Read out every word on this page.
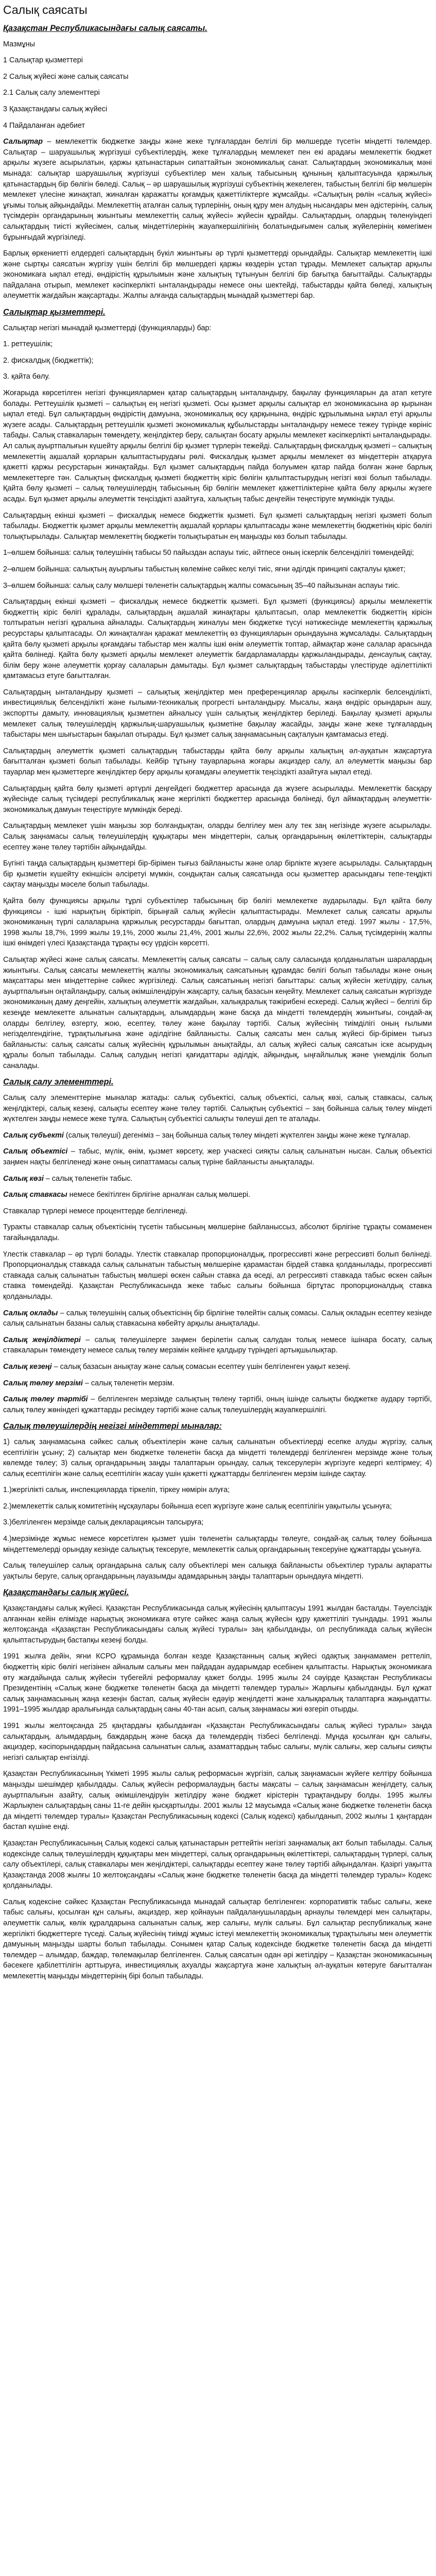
Салық саясаты
Қазақстан Республикасындағы салық саясаты.

Мазмұны

1 Салықтар қызметтері

2 Салық жүйесі және салық саясаты

2.1 Салық салу элементтері

3 Қазақстандағы салық жүйесі

4 Пайдаланған әдебиет

Салықтар – мемлекеттік бюджетке заңды және жеке тұлғалардан белгілі бір мөлшерде түсетін міндетті төлемдер. Салықтар – шаруашылық жүргізуші субъектілердің, жеке тұлғалардың мемлекет пен екі арадағы мемлекеттік бюджет арқылы жүзеге асырылатын, қаржы қатынастарын сипаттайтын экономикалық санат. Салықтардың экономикалық мәні мынада: салықтар шаруашылық жүргізуші субъектілер мен халық табысының құнының қалыптасуында қаржылық қатынастардың бір бөлігін бөледі. Салық – әр шаруашылық жүргізуші субъектінің жекелеген, табыстың белгілі бір мөлшерін мемлекет үлесіне жинақтап, жиналған қаражатты қоғамдық қажеттіліктерге жұмсайды. «Салықтың рөлін «салық жүйесі» ұғымы толық айқындайды. Мемлекеттің аталған салық түрлерінің, оның құру мен алудың нысандары мен әдістерінің, салық түсімдерін органдарының жиынтығы мемлекеттің салық жүйесі» жүйесін құрайды. Салықтардың, олардың төленуіндегі салықтардың тиісті жүйесімен, салық міндеттілерінің жауапкершілігінің болатындығымен салық жүйелерінің көмегімен бұрынғыдай жүргізіледі.

Барлық өркениетті елдердегі салықтардың бүкіл жиынтығы әр түрлі қызметтерді орындайды. Салықтар мемлекеттің ішкі және сыртқы саясатын жүргізу үшін белгілі бір мөлшердегі қаржы көздерін ұстап тұрады. Мемлекет салықтар арқылы экономикаға ықпал етеді, өндірістің құрылымын және халықтың тұтынуын белгілі бір бағытқа бағыттайды. Салықтарды пайдалана отырып, мемлекет кәсіпкерлікті ынталандырады немесе оны шектейді, табыстарды қайта бөледі, халықтың әлеуметтік жағдайын жақсартады. Жалпы алғанда салықтардың мынадай қызметтері бар.

Салықтар қызметтері.

Салықтар негізгі мынадай қызметтерді (функцияларды) бар:

1. реттеушілік;

2. фискалдық (бюджеттік);

3. қайта бөлу.

Жоғарыда көрсетілген негізгі функциялармен қатар салықтардың ынталандыру, бақылау функцияларын да атап кетуге болады. Реттеушілік қызметі – салықтың ең негізгі қызметі. Осы қызмет арқылы салықтар ел экономикасына әр қырынан ықпал етеді. Бұл салықтардың өндірістің дамуына, экономикалық өсу қарқынына, өндіріс құрылымына ықпал етуі арқылы жүзеге асады. Салықтардың реттеушілік қызметі экономикалық құбылыстарды ынталандыру немесе тежеу түрінде көрініс табады. Салық ставкаларын төмендету, жеңілдіктер беру, салықтан босату арқылы мемлекет кәсіпкерлікті ынталандырады. Ал салық ауыртпалығын күшейту арқылы белгілі бір қызмет түрлерін тежейді. Салықтардың фискалдық қызметі – салықтың мемлекеттің ақшалай қорларын қалыптастырудағы рөлі. Фискалдық қызмет арқылы мемлекет өз міндеттерін атқаруға қажетті қаржы ресурстарын жинақтайды. Бұл қызмет салықтардың пайда болуымен қатар пайда болған және барлық мемлекеттерге тән. Салықтың фискалдық қызметі бюджеттің кіріс бөлігін қалыптастырудың негізгі көзі болып табылады. Қайта бөлу қызметі – салық төлеушілердің табысының бір бөлігін мемлекет қажеттіліктеріне қайта бөлу арқылы жүзеге асады. Бұл қызмет арқылы әлеуметтік теңсіздікті азайтуға, халықтың табыс деңгейін теңестіруге мүмкіндік туады.

Салықтардың екінші қызметі – фискалдық немесе бюджеттік қызметі. Бұл қызметі салықтардың негізгі қызметі болып табылады. Бюджеттік қызмет арқылы мемлекеттің ақшалай қорлары қалыптасады және мемлекеттің бюджетінің кіріс бөлігі толықтырылады. Салықтар мемлекеттің бюджетін толықтыратын ең маңызды көз болып табылады.

1–өлшем бойынша: салық төлеушінің табысы 50 пайыздан аспауы тиіс, әйтпесе оның іскерлік белсенділігі төмендейді;

2–өлшем бойынша: салықтың ауырлығы табыстың көлеміне сәйкес келуі тиіс, яғни әділдік принципі сақталуы қажет;

3–өлшем бойынша: салық салу мөлшері төленетін салықтардың жалпы сомасының 35–40 пайызынан аспауы тиіс.

Салықтардың екінші қызметі – фискалдық немесе бюджеттік қызметі. Бұл қызметі (функциясы) арқылы мемлекеттік бюджеттің кіріс бөлігі құралады, салықтардың ақшалай жинақтары қалыптасып, олар мемлекеттік бюджеттің кірісін толтыратын негізгі құралына айналады. Салықтардың жиналуы мен бюджетке түсуі нәтижесінде мемлекеттің қаржылық ресурстары қалыптасады. Ол жинақталған қаражат мемлекеттің өз функцияларын орындауына жұмсалады. Салықтардың қайта бөлу қызметі арқылы қоғамдағы табыстар мен жалпы ішкі өнім әлеуметтік топтар, аймақтар және салалар арасында қайта бөлінеді. Қайта бөлу қызметі арқылы мемлекет әлеуметтік бағдарламаларды қаржыландырады, денсаулық сақтау, білім беру және әлеуметтік қорғау салаларын дамытады. Бұл қызмет салықтардың табыстарды үлестіруде әділеттілікті қамтамасыз етуге бағытталған.

Салықтардың ынталандыру қызметі – салықтық жеңілдіктер мен преференциялар арқылы кәсіпкерлік белсенділікті, инвестициялық белсенділікті және ғылыми-техникалық прогресті ынталандыру. Мысалы, жаңа өндіріс орындарын ашу, экспортты дамыту, инновациялық қызметпен айналысу үшін салықтық жеңілдіктер беріледі. Бақылау қызметі арқылы мемлекет салық төлеушілердің қаржылық-шаруашылық қызметіне бақылау жасайды, заңды және жеке тұлғалардың табыстары мен шығыстарын бақылап отырады. Бұл қызмет салық заңнамасының сақталуын қамтамасыз етеді.

Салықтардың әлеуметтік қызметі салықтардың табыстарды қайта бөлу арқылы халықтың әл-ауқатын жақсартуға бағытталған қызметі болып табылады. Кейбір тұтыну тауарларына жоғары акциздер салу, ал әлеуметтік маңызы бар тауарлар мен қызметтерге жеңілдіктер беру арқылы қоғамдағы әлеуметтік теңсіздікті азайтуға ықпал етеді.

Салықтардың қайта бөлу қызметі әртүрлі деңгейдегі бюджеттер арасында да жүзеге асырылады. Мемлекеттік басқару жүйесінде салық түсімдері республикалық және жергілікті бюджеттер арасында бөлінеді, бұл аймақтардың әлеуметтік-экономикалық дамуын теңестіруге мүмкіндік береді.

Салықтардың мемлекет үшін маңызы зор болғандықтан, оларды белгілеу мен алу тек заң негізінде жүзеге асырылады. Салық заңнамасы салық төлеушілердің құқықтары мен міндеттерін, салық органдарының өкілеттіктерін, салықтарды есептеу және төлеу тәртібін айқындайды.

Бүгінгі таңда салықтардың қызметтері бір-бірімен тығыз байланысты және олар бірлікте жүзеге асырылады. Салықтардың бір қызметін күшейту екіншісін әлсіретуі мүмкін, сондықтан салық саясатында осы қызметтер арасындағы тепе-теңдікті сақтау маңызды мәселе болып табылады.

Қайта бөлу функциясы арқылы тұрлі субъектілер табысының бір бөлігі мемлекетке аударылады. Бұл қайта бөлу функциясы - ішкі нарықтың біріктіріп, бірыңғай салық жүйесін қалыптастырады. Мемлекет салық саясаты арқылы экономиканың түрлі салаларына қаржылық ресурстарды бағыттап, олардың дамуына ықпал етеді. 1997 жылы - 17,5%, 1998 жылы 18,7%, 1999 жылы 19,1%, 2000 жылы 21,4%, 2001 жылы 22,6%, 2002 жылы 22,2%. Салық түсімдерінің жалпы ішкі өнімдегі үлесі Қазақстанда тұрақты өсу үрдісін көрсетті.

Салықтар жүйесі және салық саясаты. Мемлекеттің салық саясаты – салық салу саласында қолданылатын шаралардың жиынтығы. Салық саясаты мемлекеттің жалпы экономикалық саясатының құрамдас бөлігі болып табылады және оның мақсаттары мен міндеттеріне сәйкес жүргізіледі. Салық саясатының негізгі бағыттары: салық жүйесін жетілдіру, салық ауыртпалығын оңтайландыру, салық әкімшілендіруін жақсарту, салық базасын кеңейту. Мемлекет салық саясатын жүргізуде экономиканың даму деңгейін, халықтың әлеуметтік жағдайын, халықаралық тәжірибені ескереді. Салық жүйесі – белгілі бір кезеңде мемлекетте алынатын салықтардың, алымдардың және басқа да міндетті төлемдердің жиынтығы, сондай-ақ оларды белгілеу, өзгерту, жою, есептеу, төлеу және бақылау тәртібі. Салық жүйесінің тиімділігі оның ғылыми негізделгендігіне, тұрақтылығына және әділдігіне байланысты. Салық саясаты мен салық жүйесі бір-бірімен тығыз байланысты: салық саясаты салық жүйесінің құрылымын анықтайды, ал салық жүйесі салық саясатын іске асырудың құралы болып табылады. Салық салудың негізгі қағидаттары әділдік, айқындық, ыңғайлылық және үнемділік болып саналады.

Салық салу элементтері.

Салық салу элементтеріне мыналар жатады: салық субъектісі, салық объектісі, салық көзі, салық ставкасы, салық жеңілдіктері, салық кезеңі, салықты есептеу және төлеу тәртібі. Салықтың субъектісі – заң бойынша салық төлеу міндеті жүктелген заңды немесе жеке тұлға. Салықтың субъектісі салықты төлеуші деп те аталады.

Салық субъекті (салық төлеуші) дегеніміз – заң бойынша салық төлеу міндеті жүктелген заңды және жеке тұлғалар.

Салық объектісі – табыс, мүлік, өнім, қызмет көрсету, жер учаскесі сияқты салық салынатын нысан. Салық объектісі заңмен нақты белгіленеді және оның сипаттамасы салық түріне байланысты анықталады.

Салық көзі – салық төленетін табыс.

Салық ставкасы немесе бекітілген бірлігіне арналған салық мөлшері.

Ставкалар түрлері немесе проценттерде белгіленеді.

Туракты ставкалар салық объектісінің түсетін табысының мөлшеріне байланыссыз, абсолют бірлігіне тұрақты сомаменен тағайындалады.

Үлестік ставкалар – әр түрлі болады. Үлестік ставкалар пропорционалдық, прогрессивті және регрессивті болып бөлінеді. Пропорционалдық ставкада салық салынатын табыстың мөлшеріне қарамастан бірдей ставка қолданылады, прогрессивті ставкада салық салынатын табыстың мөлшері өскен сайын ставка да өседі, ал регрессивті ставкада табыс өскен сайын ставка төмендейді. Қазақстан Республикасында жеке табыс салығы бойынша біртұтас пропорционалдық ставка қолданылады.

Салық оклады – салық төлеушінің салық объектісінің бір бірлігіне төлейтін салық сомасы. Салық окладын есептеу кезінде салық салынатын базаны салық ставкасына көбейту арқылы анықталады.

Салық жеңілдіктері – салық төлеушілерге заңмен берілетін салық салудан толық немесе ішінара босату, салық ставкаларын төмендету немесе салық төлеу мерзімін кейінге қалдыру түріндегі артықшылықтар.

Салық кезеңі – салық базасын анықтау және салық сомасын есептеу үшін белгіленген уақыт кезеңі.

Салық төлеу мерзімі – салық төленетін мерзім.

Салық төлеу тәртібі – белгіленген мерзімде салықтың төлену тәртібі, оның ішінде салықты бюджетке аудару тәртібі, салық төлеу жөніндегі құжаттарды ресімдеу тәртібі және салық төлеушілердің жауапкершілігі.

Салық төлеушілердің негізгі міндеттері мыналар:

1) салық заңнамасына сәйкес салық объектілерін және салық салынатын объектілерді есепке алуды жүргізу, салық есептілігін ұсыну; 2) салықтар мен бюджетке төленетін басқа да міндетті төлемдерді белгіленген мерзімде және толық көлемде төлеу; 3) салық органдарының заңды талаптарын орындау, салық тексерулерін жүргізуге кедергі келтірмеу; 4) салық есептілігін және салық есептілігін жасау үшін қажетті құжаттарды белгіленген мерзім ішінде сақтау.

1.)жергілікті салық, инспекцияларда тіркеліп, тіркеу нөмірін алуға;

2.)мемлекеттік салық комитетінің нұсқаулары бойынша есеп жүргізуге және салық есептілігін уақытылы ұсынуға;

3.)белгіленген мерзімде салық декларациясын тапсыруға;

4.)мерзімінде жұмыс немесе көрсетілген қызмет үшін төленетін салықтарды төлеуге, сондай-ақ салық төлеу бойынша міндеттемелерді орындау кезінде салықтық тексеруге, мемлекеттік салық органдарының тексеруіне құжаттарды ұсынуға.

Салық төлеушілер салық органдарына салық салу объектілері мен салыққа байланысты объектілер туралы ақпаратты уақтылы беруге, салық органдарының лауазымды адамдарының заңды талаптарын орындауға міндетті.

Қазақстандағы салық жүйесі.

Қазақстандағы салық жүйесі. Қазақстан Республикасында салық жүйесінің қалыптасуы 1991 жылдан басталды. Тәуелсіздік алғаннан кейін елімізде нарықтық экономикаға өтуге сәйкес жаңа салық жүйесін құру қажеттілігі туындады. 1991 жылы желтоқсанда «Қазақстан Республикасындағы салық жүйесі туралы» заң қабылданды, ол республикада салық жүйесін қалыптастырудың бастапқы кезеңі болды.

1991 жылға дейін, яғни КСРО құрамында болған кезде Қазақстанның салық жүйесі одақтық заңнамамен реттеліп, бюджеттің кіріс бөлігі негізінен айналым салығы мен пайдадан аударымдар есебінен қалыптасты. Нарықтық экономикаға өту жағдайында салық жүйесін түбегейлі реформалау қажет болды. 1995 жылы 24 сәуірде Қазақстан Республикасы Президентінің «Салық және бюджетке төленетін басқа да міндетті төлемдер туралы» Жарлығы қабылданды. Бұл құжат салық заңнамасының жаңа кезеңін бастап, салық жүйесін едәуір жеңілдетті және халықаралық талаптарға жақындатты. 1991–1995 жылдар аралығында салықтардың саны 40-тан асып, салық заңнамасы жиі өзгеріп отырды.

1991 жылы желтоқсанда 25 қаңтардағы қабылданған «Қазақстан Республикасындағы салық жүйесі туралы» заңда салықтардың, алымдардың, баждардың және басқа да төлемдердің тізбесі белгіленді. Мұнда қосылған құн салығы, акциздер, кәсіпорындардың пайдасына салынатын салық, азаматтардың табыс салығы, мүлік салығы, жер салығы сияқты негізгі салықтар енгізілді.

Қазақстан Республикасының Үкіметі 1995 жылы салық реформасын жүргізіп, салық заңнамасын жүйеге келтіру бойынша маңызды шешімдер қабылдады. Салық жүйесін реформалаудың басты мақсаты – салық заңнамасын жеңілдету, салық ауыртпалығын азайту, салық әкімшілендіруін жетілдіру және бюджет кірістерін тұрақтандыру болды. 1995 жылғы Жарлықпен салықтардың саны 11-ге дейін қысқартылды. 2001 жылы 12 маусымда «Салық және бюджетке төленетін басқа да міндетті төлемдер туралы» Қазақстан Республикасының кодексі (Салық кодексі) қабылданып, 2002 жылғы 1 қаңтардан бастап күшіне енді.

Қазақстан Республикасының Салық кодексі салық қатынастарын реттейтін негізгі заңнамалық акт болып табылады. Салық кодексінде салық төлеушілердің құқықтары мен міндеттері, салық органдарының өкілеттіктері, салықтардың түрлері, салық салу объектілері, салық ставкалары мен жеңілдіктері, салықтарды есептеу және төлеу тәртібі айқындалған. Қазіргі уақытта Қазақстанда 2008 жылғы 10 желтоқсандағы «Салық және бюджетке төленетін басқа да міндетті төлемдер туралы» Кодекс қолданылады.

Салық кодексіне сәйкес Қазақстан Республикасында мынадай салықтар белгіленген: корпоративтік табыс салығы, жеке табыс салығы, қосылған құн салығы, акциздер, жер қойнауын пайдаланушылардың арнаулы төлемдері мен салықтары, әлеуметтік салық, көлік құралдарына салынатын салық, жер салығы, мүлік салығы. Бұл салықтар республикалық және жергілікті бюджеттерге түседі. Салық жүйесінің тиімді жұмыс істеуі мемлекеттің экономикалық тұрақтылығы мен әлеуметтік дамуының маңызды шарты болып табылады. Сонымен қатар Салық кодексінде бюджетке төленетін басқа да міндетті төлемдер – алымдар, баждар, төлемақылар белгіленген. Салық саясатын одан әрі жетілдіру – Қазақстан экономикасының бәсекеге қабілеттілігін арттыруға, инвестициялық ахуалды жақсартуға және халықтың әл-ауқатын көтеруге бағытталған мемлекеттің маңызды міндеттерінің бірі болып табылады.
